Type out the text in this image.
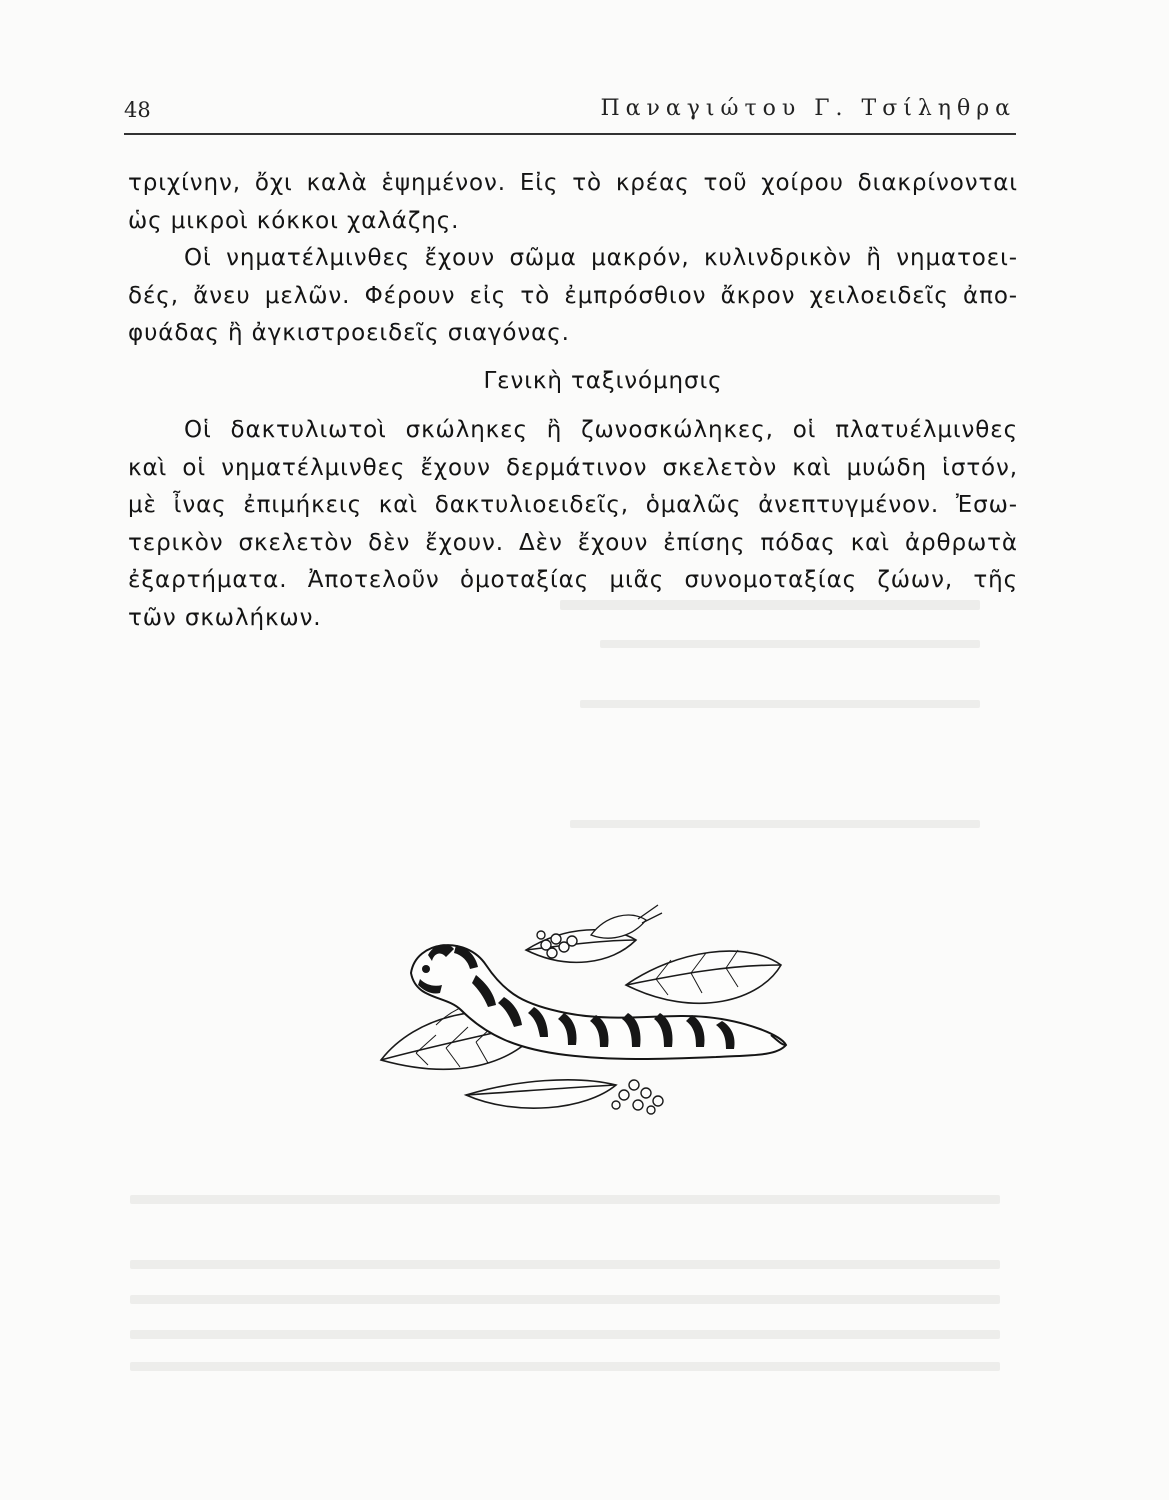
48	Παναγιώτου Γ. Τσίληθρα
τριχίνην, ὄχι καλὰ ἑψημένον. Εἰς τὸ κρέας τοῦ χοίρου διακρίνονται
ὡς μικροὶ κόκκοι χαλάζης.
Οἱ νηματέλμινθες ἔχουν σῶμα μακρόν, κυλινδρικὸν ἢ νηματοει-
δές, ἄνευ μελῶν. Φέρουν εἰς τὸ ἐμπρόσθιον ἄκρον χειλοειδεῖς ἀπο-
φυάδας ἢ ἀγκιστροειδεῖς σιαγόνας.
Γενικὴ ταξινόμησις
Οἱ δακτυλιωτοὶ σκώληκες ἢ ζωνοσκώληκες, οἱ πλατυέλμινθες
καὶ οἱ νηματέλμινθες ἔχουν δερμάτινον σκελετὸν καὶ μυώδη ἱστόν,
μὲ ἶνας ἐπιμήκεις καὶ δακτυλιοειδεῖς, ὁμαλῶς ἀνεπτυγμένον. Ἐσω-
τερικὸν σκελετὸν δὲν ἔχουν. Δὲν ἔχουν ἐπίσης πόδας καὶ ἀρθρωτὰ
ἐξαρτήματα. Ἀποτελοῦν ὁμοταξίας μιᾶς συνομοταξίας ζώων, τῆς
τῶν σκωλήκων.
